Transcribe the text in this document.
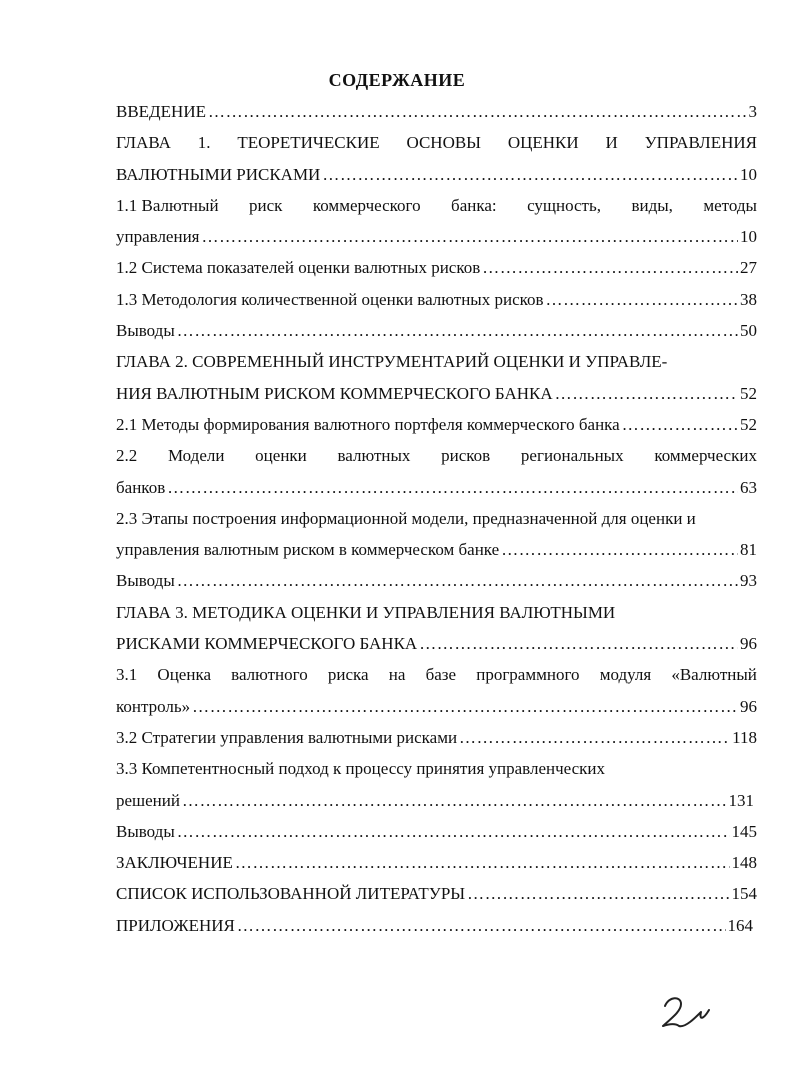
СОДЕРЖАНИЕ
ВВЕДЕНИЕ …………………………………………………………………………………………………………………………………………………………………………………………………………	3
ГЛАВА 1. ТЕОРЕТИЧЕСКИЕ ОСНОВЫ ОЦЕНКИ И УПРАВЛЕНИЯ
ВАЛЮТНЫМИ РИСКАМИ …………………………………………………………………………………………………………………………………………………………………………………………………………	10
1.1 Валютный риск коммерческого банка: сущность, виды, методы
управления …………………………………………………………………………………………………………………………………………………………………………………………………………	10
1.2 Система показателей оценки валютных рисков …………………………………………………………………………………………………………………………………………………………………………………………………………	27
1.3 Методология количественной оценки валютных рисков …………………………………………………………………………………………………………………………………………………………………………………………………………	38
Выводы …………………………………………………………………………………………………………………………………………………………………………………………………………	50
ГЛАВА 2. СОВРЕМЕННЫЙ ИНСТРУМЕНТАРИЙ ОЦЕНКИ И УПРАВЛЕ-
НИЯ ВАЛЮТНЫМ РИСКОМ КОММЕРЧЕСКОГО БАНКА …………………………………………………………………………………………………………………………………………………………………………………………………………	52
2.1 Методы формирования валютного портфеля коммерческого банка …………………………………………………………………………………………………………………………………………………………………………………………………………	52
2.2 Модели оценки валютных рисков региональных коммерческих
банков …………………………………………………………………………………………………………………………………………………………………………………………………………	63
2.3 Этапы построения информационной модели, предназначенной для оценки и
управления валютным риском в коммерческом банке …………………………………………………………………………………………………………………………………………………………………………………………………………	81
Выводы …………………………………………………………………………………………………………………………………………………………………………………………………………	93
ГЛАВА 3. МЕТОДИКА ОЦЕНКИ И УПРАВЛЕНИЯ ВАЛЮТНЫМИ
РИСКАМИ КОММЕРЧЕСКОГО БАНКА …………………………………………………………………………………………………………………………………………………………………………………………………………	96
3.1 Оценка валютного риска на базе программного модуля «Валютный
контроль» …………………………………………………………………………………………………………………………………………………………………………………………………………	96
3.2 Стратегии управления валютными рисками …………………………………………………………………………………………………………………………………………………………………………………………………………	118
3.3 Компетентносный подход к процессу принятия управленческих
решений …………………………………………………………………………………………………………………………………………………………………………………………………………	131
Выводы …………………………………………………………………………………………………………………………………………………………………………………………………………	145
ЗАКЛЮЧЕНИЕ …………………………………………………………………………………………………………………………………………………………………………………………………………	148
СПИСОК ИСПОЛЬЗОВАННОЙ ЛИТЕРАТУРЫ …………………………………………………………………………………………………………………………………………………………………………………………………………	154
ПРИЛОЖЕНИЯ …………………………………………………………………………………………………………………………………………………………………………………………………………	164
